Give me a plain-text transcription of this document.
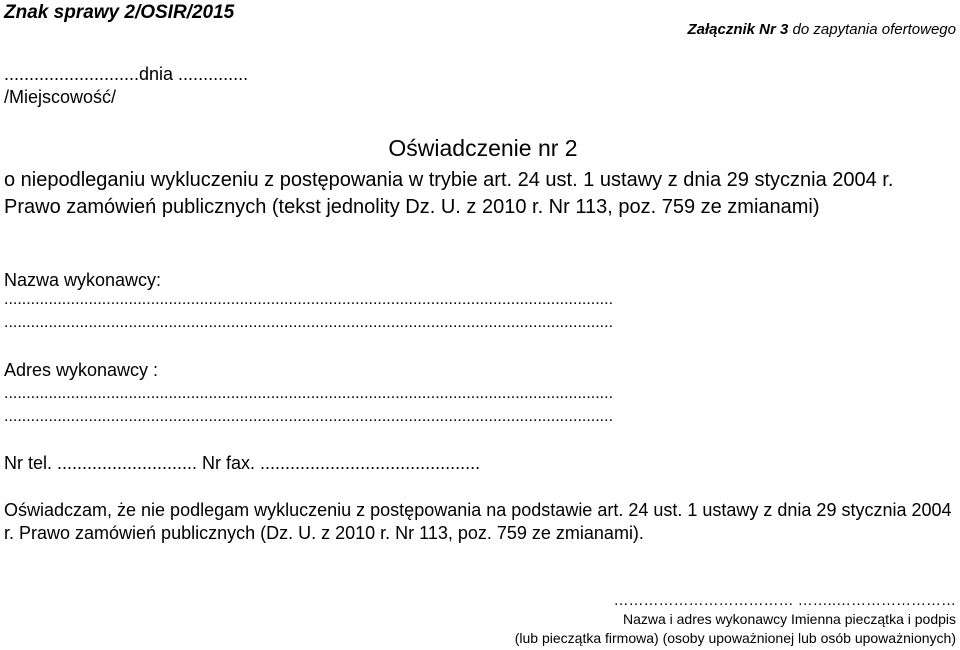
Znak sprawy 2/OSIR/2015
Załącznik Nr 3 do zapytania ofertowego
...........................dnia ..............
/Miejscowość/
Oświadczenie nr 2
o niepodleganiu wykluczeniu z postępowania w trybie art. 24 ust. 1 ustawy z dnia 29 stycznia 2004 r. Prawo zamówień publicznych (tekst jednolity Dz. U. z 2010 r. Nr 113, poz. 759 ze zmianami)
Nazwa wykonawcy:
.........................................................................................................................................
.........................................................................................................................................
Adres wykonawcy :
.........................................................................................................................................
.........................................................................................................................................
Nr tel. ............................ Nr fax. ............................................
Oświadczam, że nie podlegam wykluczeniu z postępowania na podstawie art. 24 ust. 1 ustawy z dnia 29 stycznia 2004 r. Prawo zamówień publicznych (Dz. U. z 2010 r. Nr 113, poz. 759 ze zmianami).
……………………………… ……..……………………
Nazwa i adres wykonawcy Imienna pieczątka i podpis
(lub pieczątka firmowa) (osoby upoważnionej lub osób upoważnionych)
